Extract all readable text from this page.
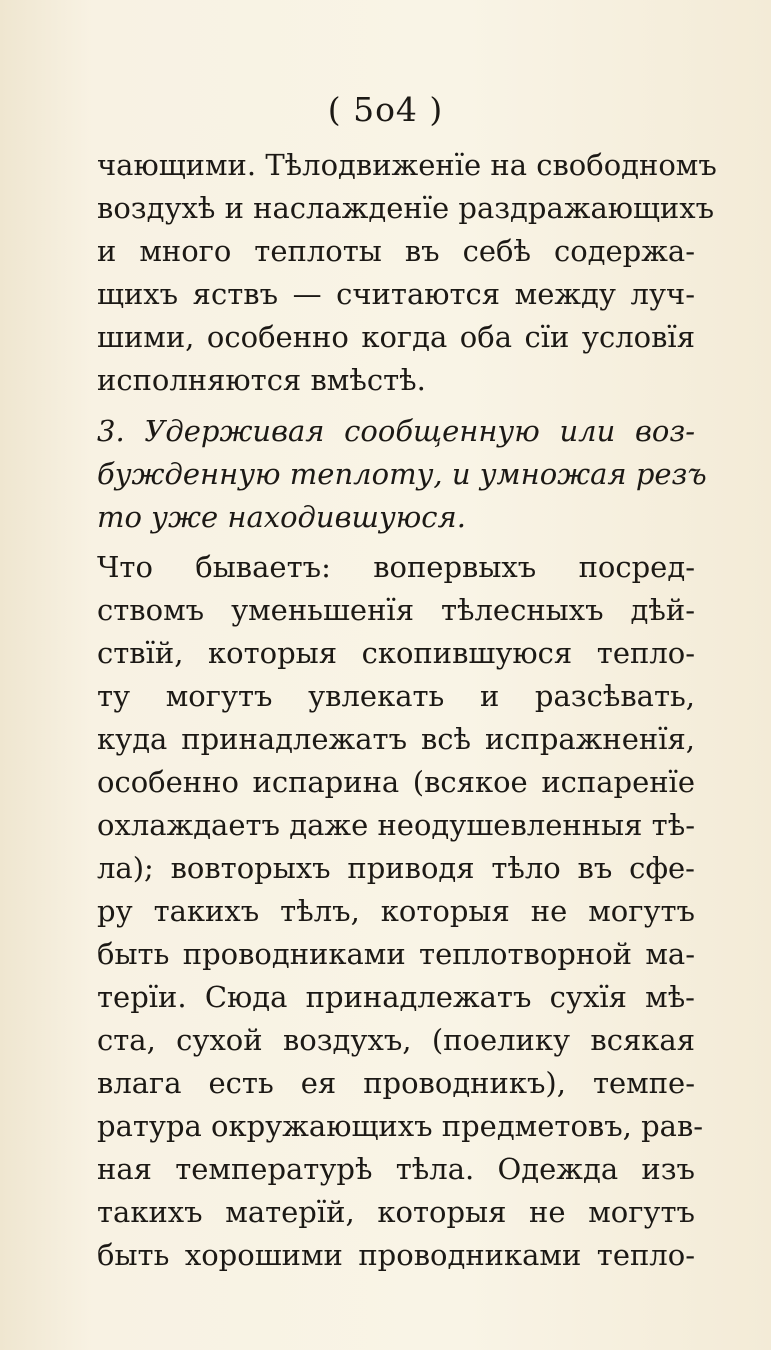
( 5o4 )
чающими. Тѣлодвиженїе на свободномъ
воздухѣ и наслажденїе раздражающихъ
и много теплоты въ себѣ содержа-
щихъ яствъ — считаются между луч-
шими, особенно когда оба сїи условїя
исполняются вмѣстѣ.
3. Удерживая сообщенную или воз-
бужденную теплоту, и умножая резъ
то уже находившуюся.
Что бываетъ: вопервыхъ посред-
ствомъ уменьшенїя тѣлесныхъ дѣй-
ствїй, которыя скопившуюся тепло-
ту могутъ увлекать и разсѣвать,
куда принадлежатъ всѣ испражненїя,
особенно испарина (всякое испаренїе
охлаждаетъ даже неодушевленныя тѣ-
ла); вовторыхъ приводя тѣло въ сфе-
ру такихъ тѣлъ, которыя не могутъ
быть проводниками теплотворной ма-
терїи. Сюда принадлежатъ сухїя мѣ-
ста, сухой воздухъ, (поелику всякая
влага есть ея проводникъ), темпе-
ратура окружающихъ предметовъ, рав-
ная температурѣ тѣла. Одежда изъ
такихъ матерїй, которыя не могутъ
быть хорошими проводниками тепло-
